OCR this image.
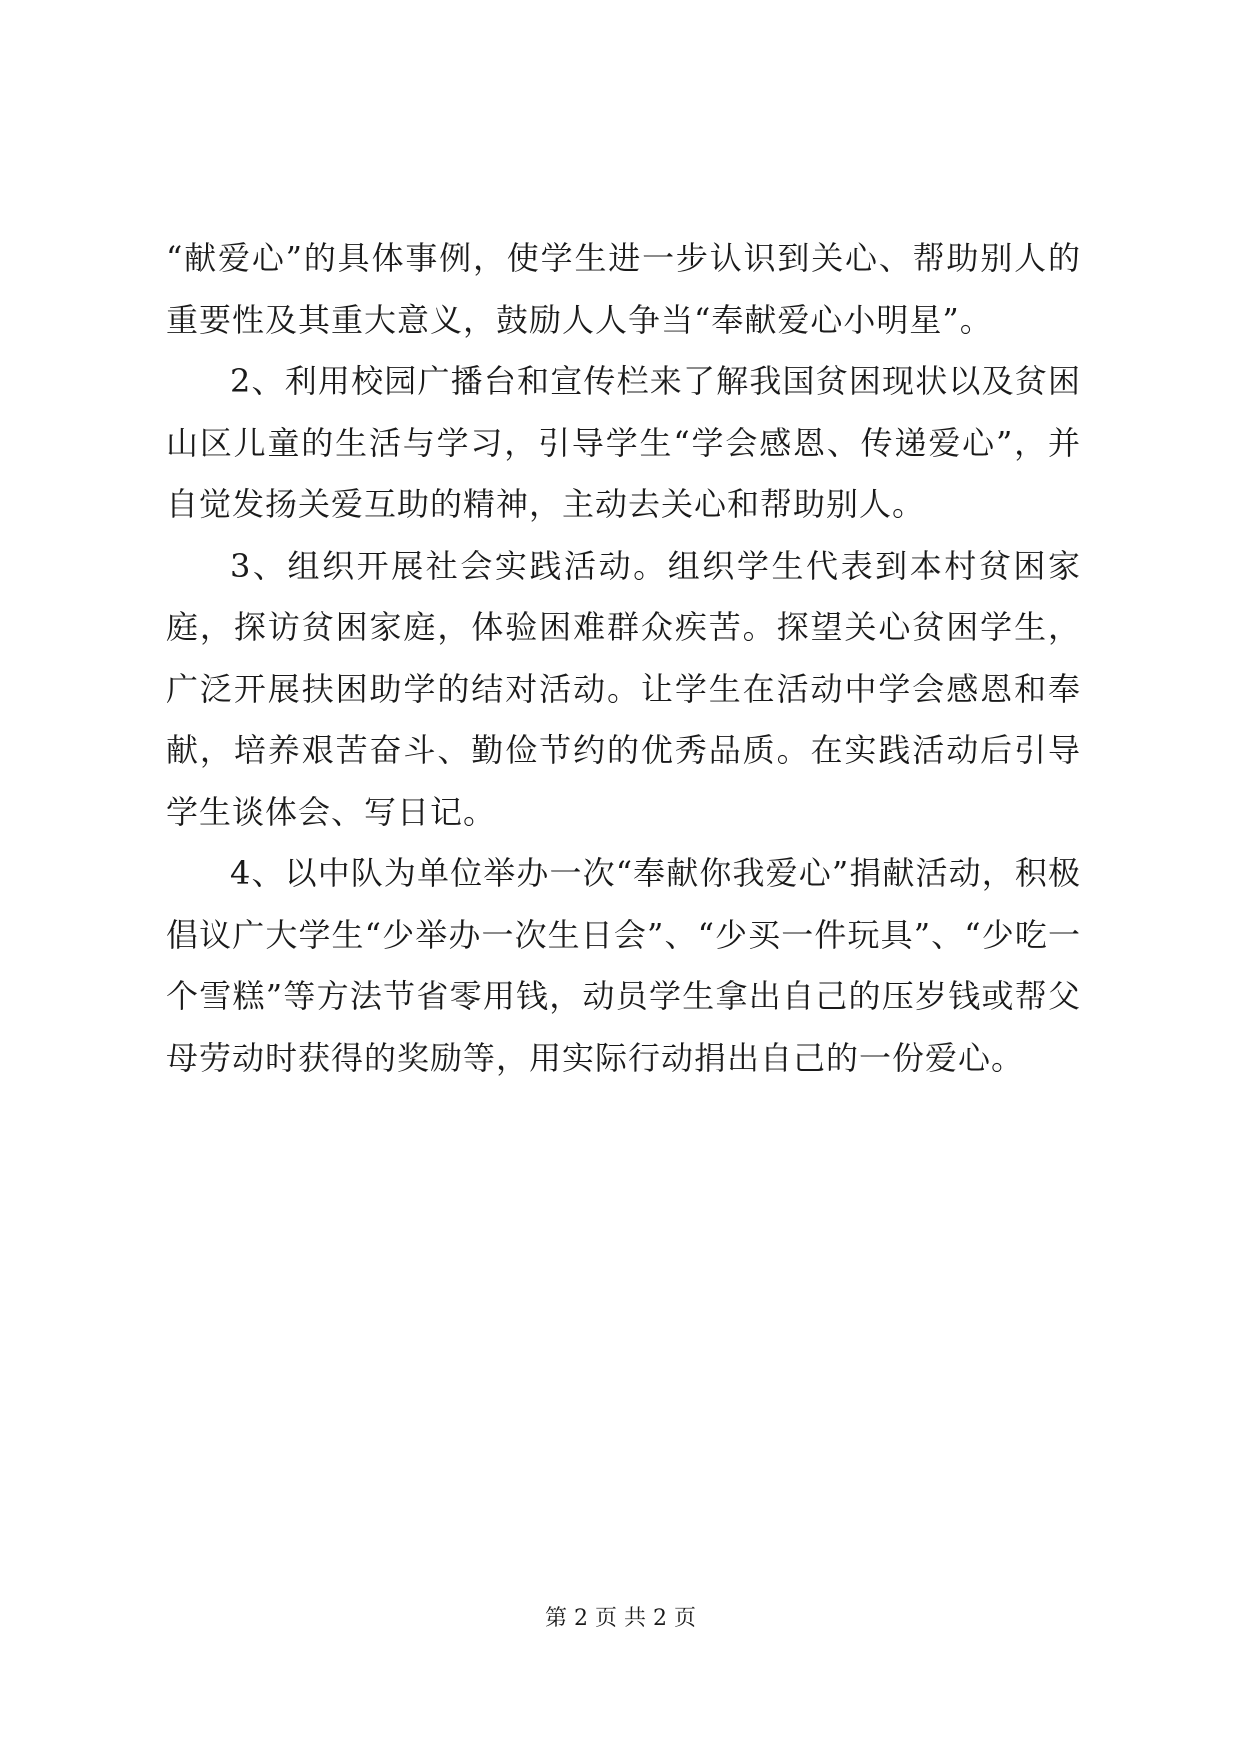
“献爱心”的具体事例，使学生进一步认识到关心、帮助别人的重要性及其重大意义，鼓励人人争当“奉献爱心小明星”。

2、利用校园广播台和宣传栏来了解我国贫困现状以及贫困山区儿童的生活与学习，引导学生“学会感恩、传递爱心”，并自觉发扬关爱互助的精神，主动去关心和帮助别人。

3、组织开展社会实践活动。组织学生代表到本村贫困家庭，探访贫困家庭，体验困难群众疾苦。探望关心贫困学生，广泛开展扶困助学的结对活动。让学生在活动中学会感恩和奉献，培养艰苦奋斗、勤俭节约的优秀品质。在实践活动后引导学生谈体会、写日记。

4、以中队为单位举办一次“奉献你我爱心”捐献活动，积极倡议广大学生“少举办一次生日会”、“少买一件玩具”、“少吃一个雪糕”等方法节省零用钱，动员学生拿出自己的压岁钱或帮父母劳动时获得的奖励等，用实际行动捐出自己的一份爱心。

第 2 页 共 2 页
